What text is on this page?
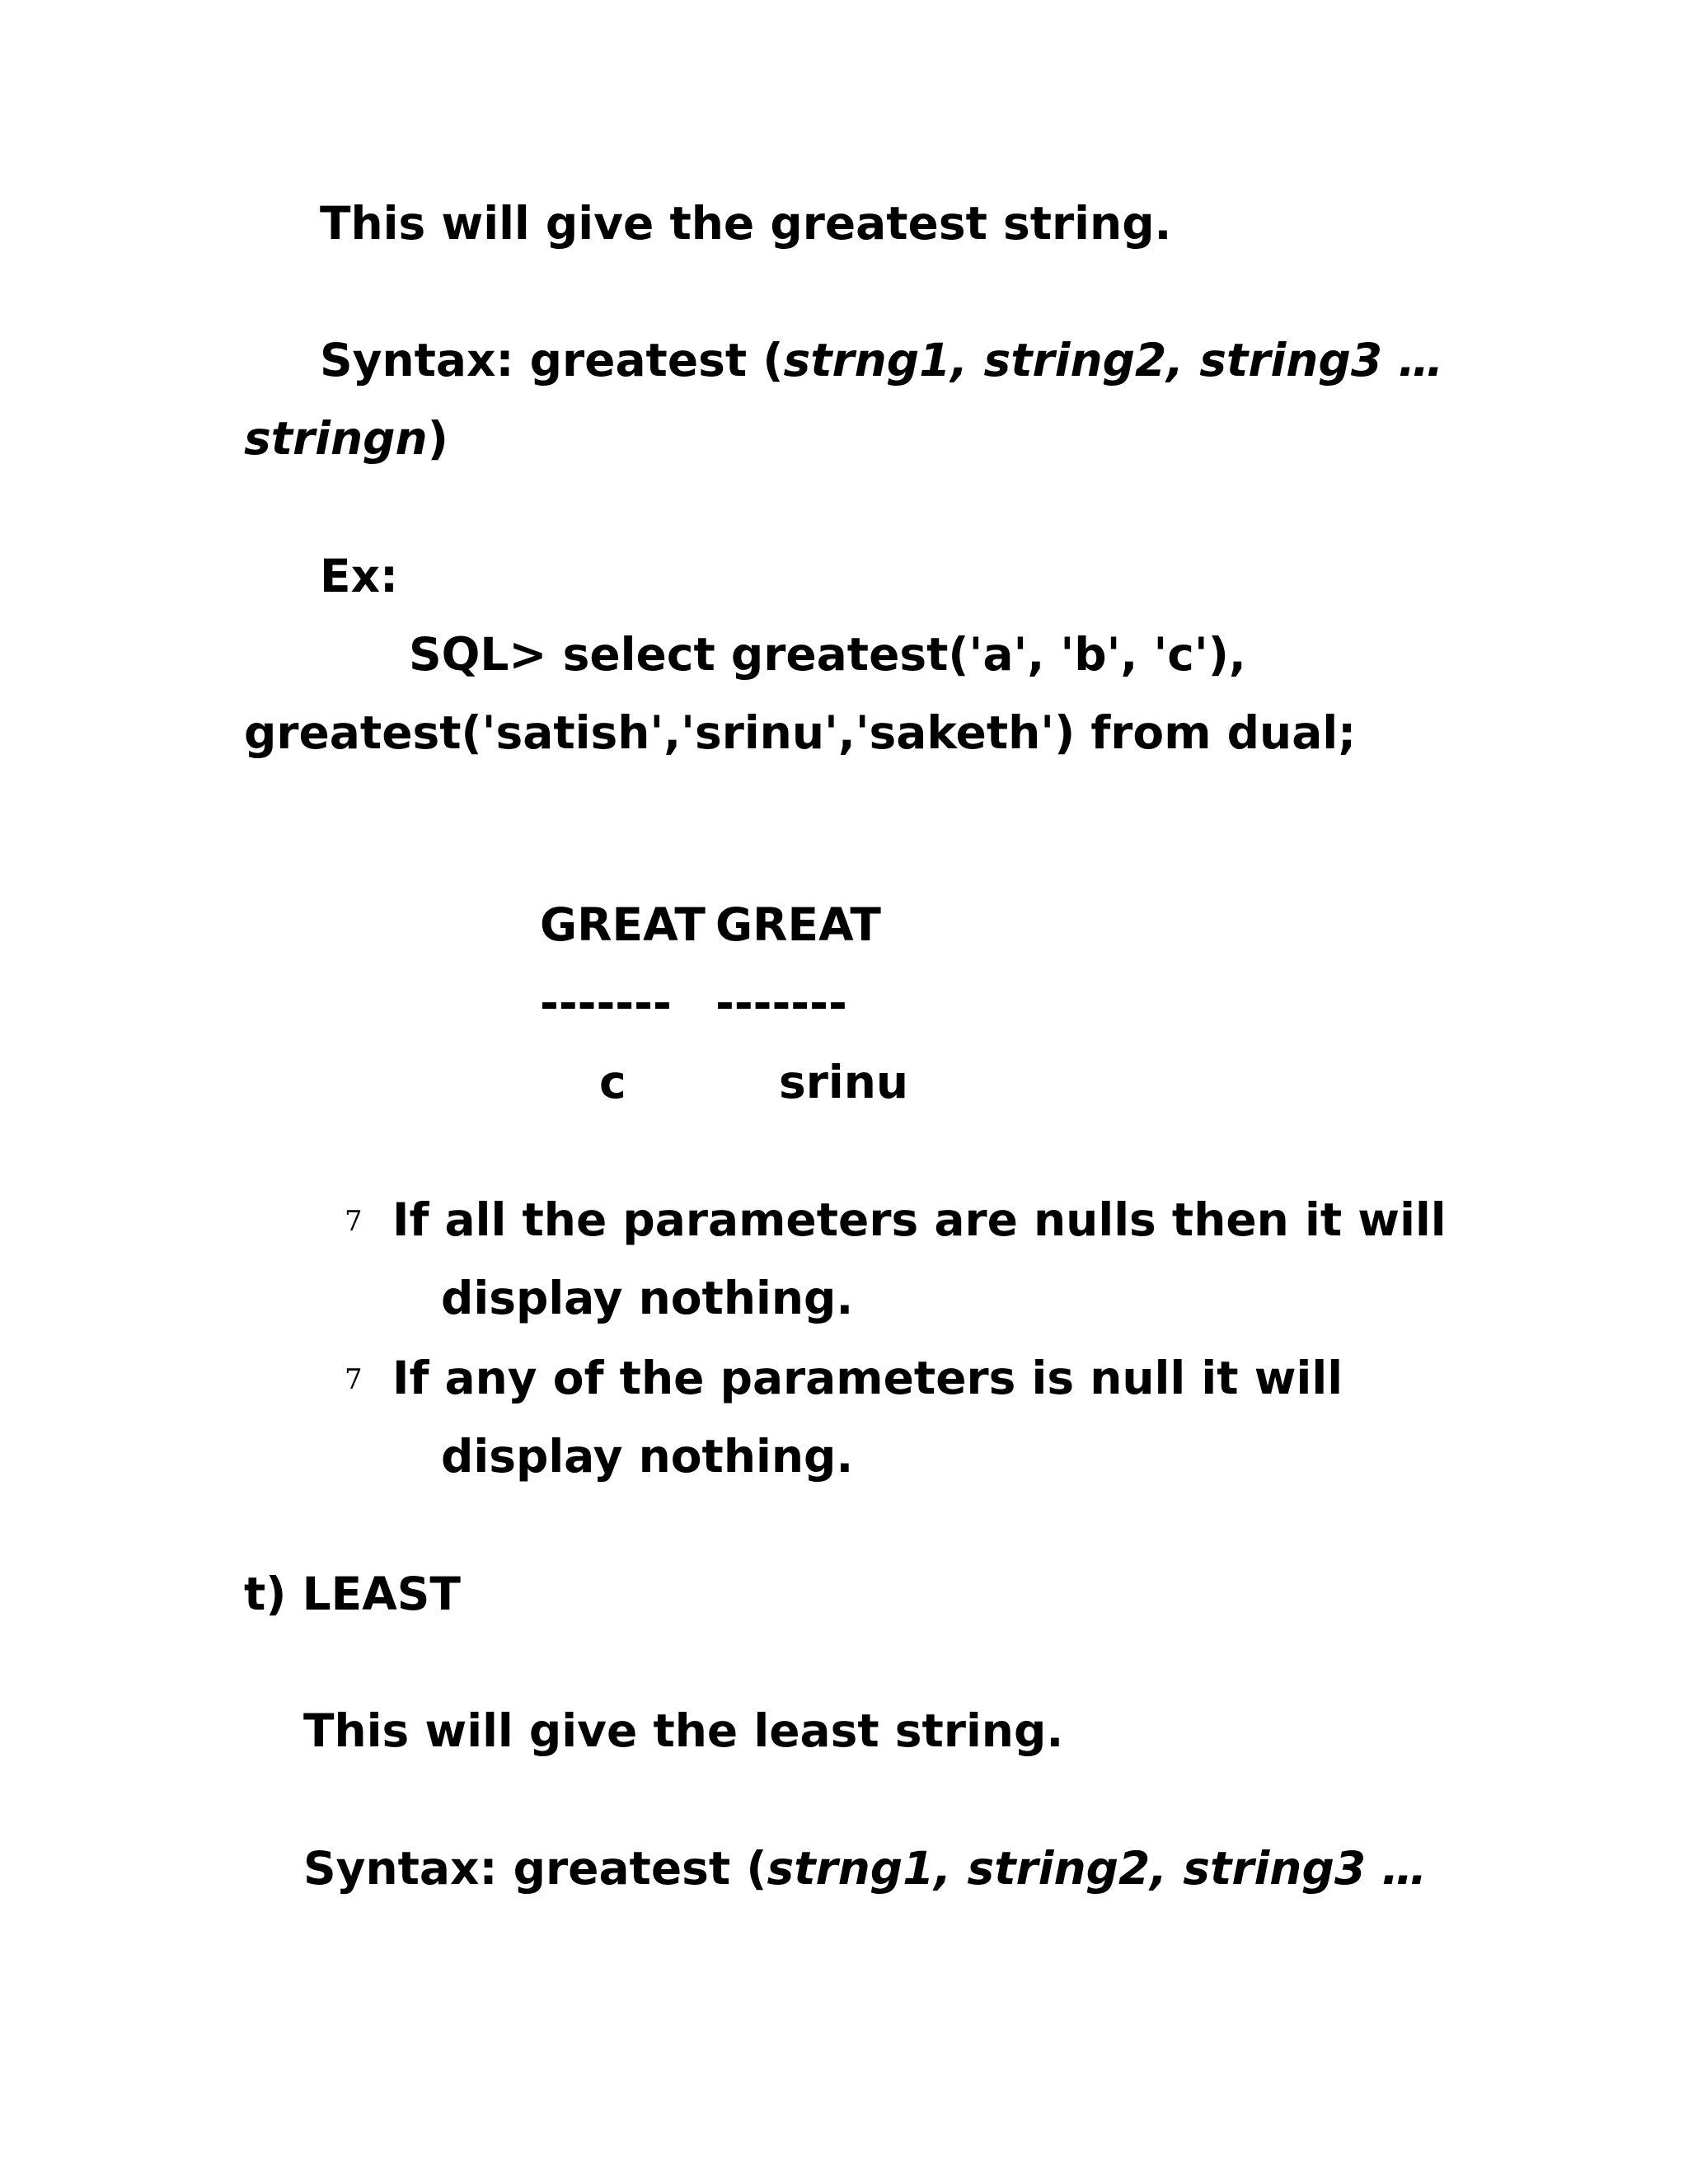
This will give the greatest string.

Syntax: greatest (strng1, string2, string3 …

stringn)

Ex:

SQL> select greatest('a', 'b', 'c'),

greatest('satish','srinu','saketh') from dual;

GREAT GREAT

------- -------

c	srinu

7 If all the parameters are nulls then it will

display nothing.

7 If any of the parameters is null it will

display nothing.

t) LEAST

This will give the least string.

Syntax: greatest (strng1, string2, string3 …
